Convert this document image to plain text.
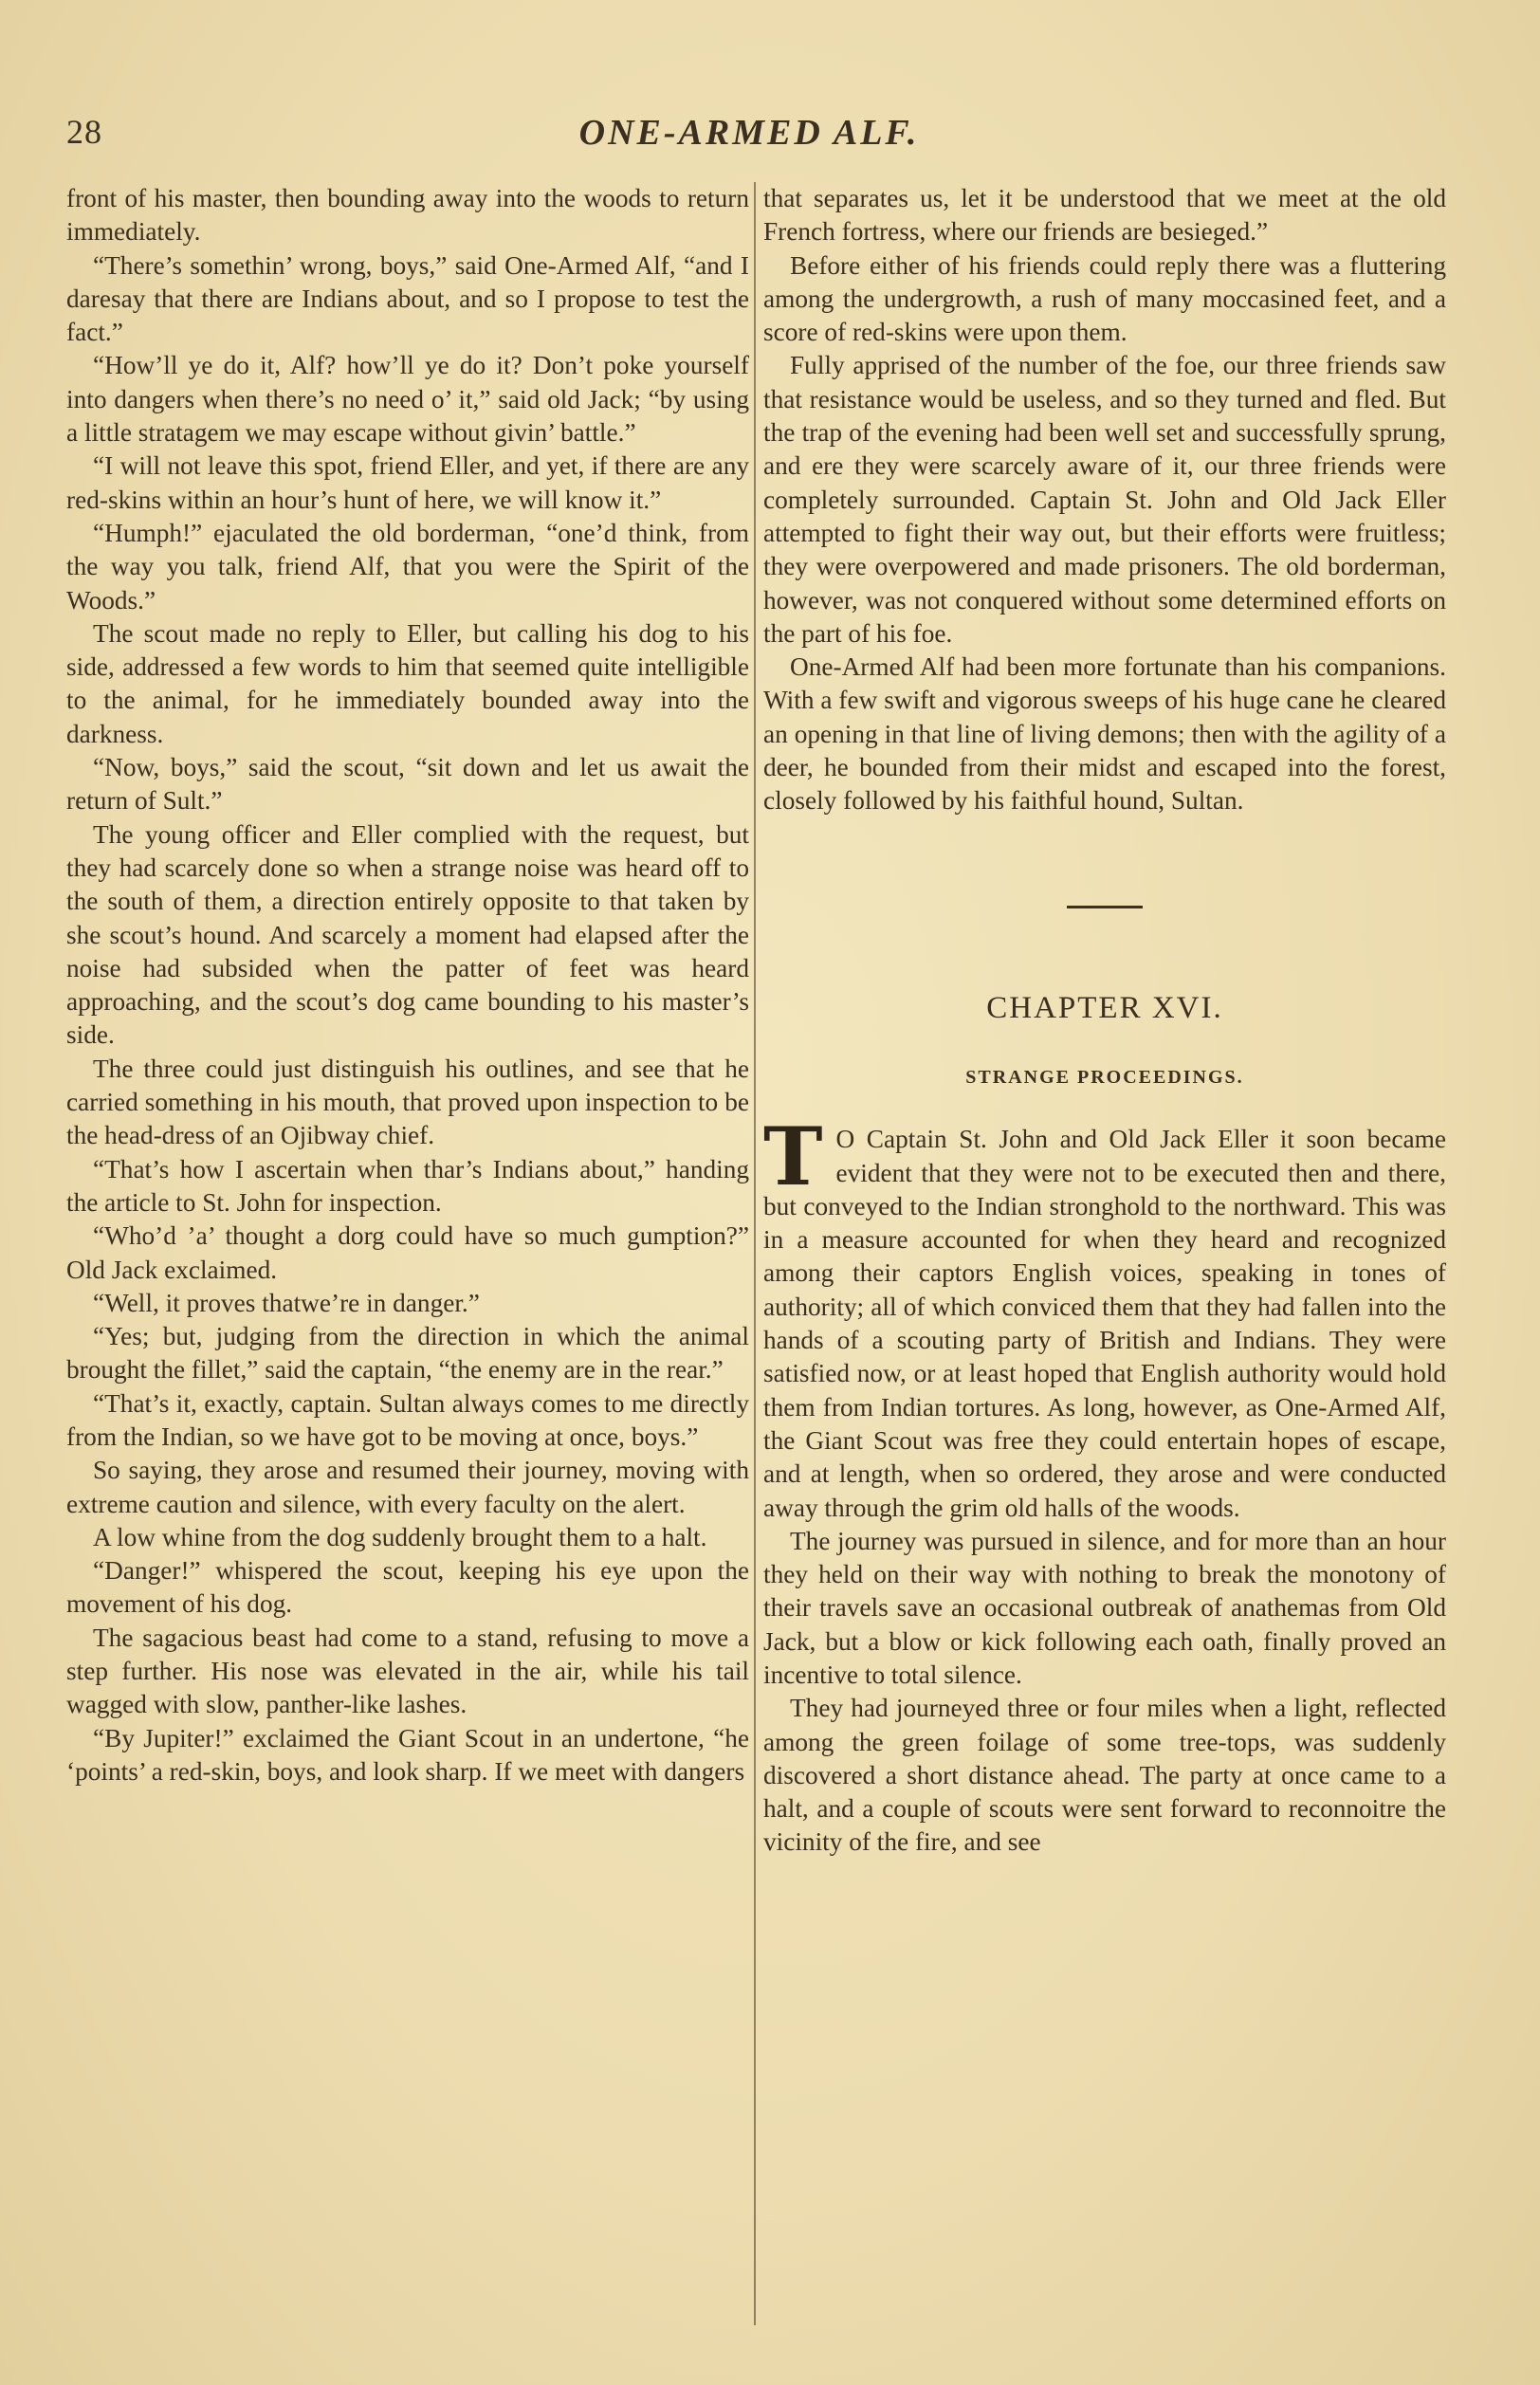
28	ONE-ARMED ALF.

front of his master, then bounding away into the woods to return immediately.

“There’s somethin’ wrong, boys,” said One-Armed Alf, “and I daresay that there are Indians about, and so I propose to test the fact.”

“How’ll ye do it, Alf? how’ll ye do it? Don’t poke yourself into dangers when there’s no need o’ it,” said old Jack; “by using a little stratagem we may escape without givin’ battle.”

“I will not leave this spot, friend Eller, and yet, if there are any red-skins within an hour’s hunt of here, we will know it.”

“Humph!” ejaculated the old borderman, “one’d think, from the way you talk, friend Alf, that you were the Spirit of the Woods.”

The scout made no reply to Eller, but calling his dog to his side, addressed a few words to him that seemed quite intelligible to the animal, for he immediately bounded away into the darkness.

“Now, boys,” said the scout, “sit down and let us await the return of Sult.”

The young officer and Eller complied with the request, but they had scarcely done so when a strange noise was heard off to the south of them, a direction entirely opposite to that taken by she scout’s hound. And scarcely a moment had elapsed after the noise had subsided when the patter of feet was heard approaching, and the scout’s dog came bounding to his master’s side.

The three could just distinguish his outlines, and see that he carried something in his mouth, that proved upon inspection to be the head-dress of an Ojibway chief.

“That’s how I ascertain when thar’s Indians about,” handing the article to St. John for inspection.

“Who’d ’a’ thought a dorg could have so much gumption?” Old Jack exclaimed.

“Well, it proves thatwe’re in danger.”

“Yes; but, judging from the direction in which the animal brought the fillet,” said the captain, “the enemy are in the rear.”

“That’s it, exactly, captain. Sultan always comes to me directly from the Indian, so we have got to be moving at once, boys.”

So saying, they arose and resumed their journey, moving with extreme caution and silence, with every faculty on the alert.

A low whine from the dog suddenly brought them to a halt.

“Danger!” whispered the scout, keeping his eye upon the movement of his dog.

The sagacious beast had come to a stand, refusing to move a step further. His nose was elevated in the air, while his tail wagged with slow, panther-like lashes.

“By Jupiter!” exclaimed the Giant Scout in an undertone, “he ‘points’ a red-skin, boys, and look sharp. If we meet with dangers

that separates us, let it be understood that we meet at the old French fortress, where our friends are besieged.”

Before either of his friends could reply there was a fluttering among the undergrowth, a rush of many moccasined feet, and a score of red-skins were upon them.

Fully apprised of the number of the foe, our three friends saw that resistance would be useless, and so they turned and fled. But the trap of the evening had been well set and successfully sprung, and ere they were scarcely aware of it, our three friends were completely surrounded. Captain St. John and Old Jack Eller attempted to fight their way out, but their efforts were fruitless; they were overpowered and made prisoners. The old borderman, however, was not conquered without some determined efforts on the part of his foe.

One-Armed Alf had been more fortunate than his companions. With a few swift and vigorous sweeps of his huge cane he cleared an opening in that line of living demons; then with the agility of a deer, he bounded from their midst and escaped into the forest, closely followed by his faithful hound, Sultan.

CHAPTER XVI.
STRANGE PROCEEDINGS.

T O Captain St. John and Old Jack Eller it soon became evident that they were not to be executed then and there, but conveyed to the Indian stronghold to the northward. This was in a measure accounted for when they heard and recognized among their captors English voices, speaking in tones of authority; all of which conviced them that they had fallen into the hands of a scouting party of British and Indians. They were satisfied now, or at least hoped that English authority would hold them from Indian tortures. As long, however, as One-Armed Alf, the Giant Scout was free they could entertain hopes of escape, and at length, when so ordered, they arose and were conducted away through the grim old halls of the woods.

The journey was pursued in silence, and for more than an hour they held on their way with nothing to break the monotony of their travels save an occasional outbreak of anathemas from Old Jack, but a blow or kick following each oath, finally proved an incentive to total silence.

They had journeyed three or four miles when a light, reflected among the green foilage of some tree-tops, was suddenly discovered a short distance ahead. The party at once came to a halt, and a couple of scouts were sent forward to reconnoitre the vicinity of the fire, and see
